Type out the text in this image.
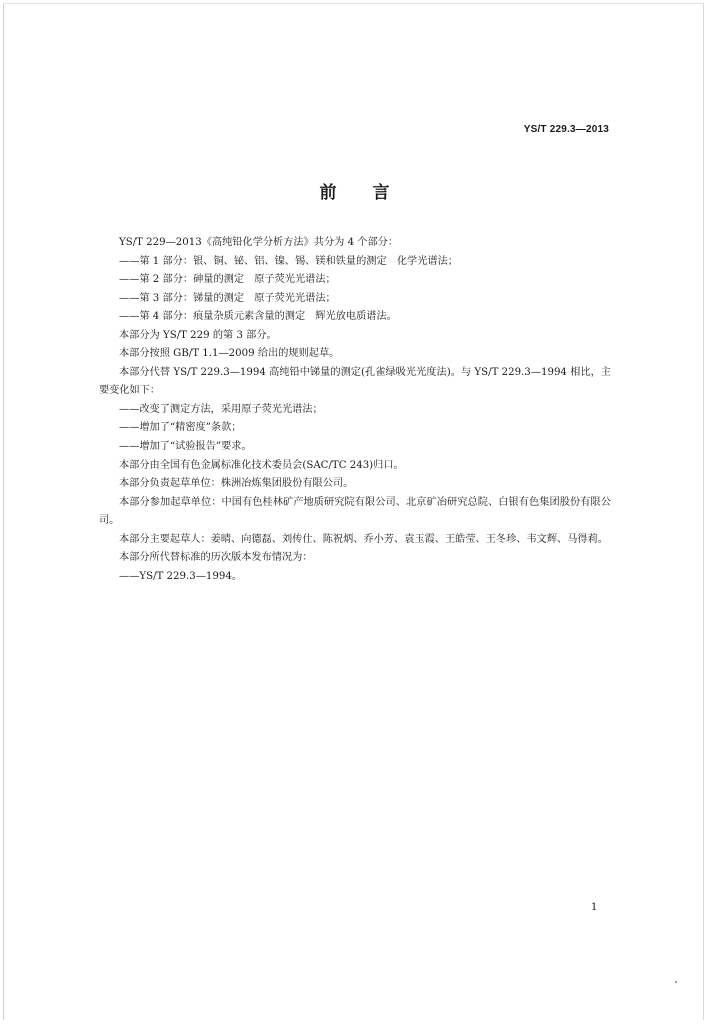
YS/T 229.3—2013
前 言

YS/T 229—2013《高纯铅化学分析方法》共分为 4 个部分：

——第 1 部分：银、铜、铋、铝、镍、锡、镁和铁量的测定　化学光谱法；

——第 2 部分：砷量的测定　原子荧光光谱法；

——第 3 部分：锑量的测定　原子荧光光谱法；

——第 4 部分：痕量杂质元素含量的测定　辉光放电质谱法。

本部分为 YS/T 229 的第 3 部分。

本部分按照 GB/T 1.1—2009 给出的规则起草。

本部分代替 YS/T 229.3—1994 高纯铅中锑量的测定(孔雀绿吸光光度法)。与 YS/T 229.3—1994 相比，主要变化如下：

——改变了测定方法，采用原子荧光光谱法；

——增加了“精密度”条款；

——增加了“试验报告”要求。

本部分由全国有色金属标准化技术委员会(SAC/TC 243)归口。

本部分负责起草单位：株洲冶炼集团股份有限公司。

本部分参加起草单位：中国有色桂林矿产地质研究院有限公司、北京矿冶研究总院、白银有色集团股份有限公司。

本部分主要起草人：姜晴、向德磊、刘传仕、陈祝炳、乔小芳、袁玉霞、王皓莹、王冬珍、韦文辉、马得莉。

本部分所代替标准的历次版本发布情况为：

——YS/T 229.3—1994。

1
